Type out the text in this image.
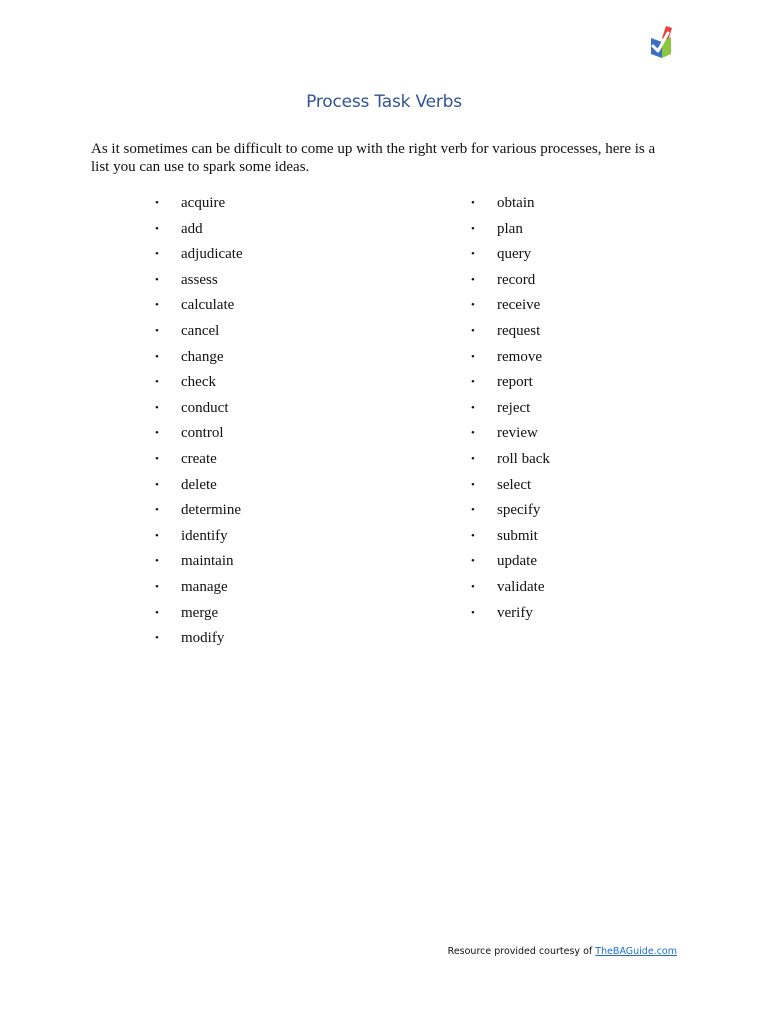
Process Task Verbs
As it sometimes can be difficult to come up with the right verb for various processes, here is a list you can use to spark some ideas.
• acquire
• add
• adjudicate
• assess
• calculate
• cancel
• change
• check
• conduct
• control
• create
• delete
• determine
• identify
• maintain
• manage
• merge
• modify
• obtain
• plan
• query
• record
• receive
• request
• remove
• report
• reject
• review
• roll back
• select
• specify
• submit
• update
• validate
• verify
Resource provided courtesy of TheBAGuide.com
